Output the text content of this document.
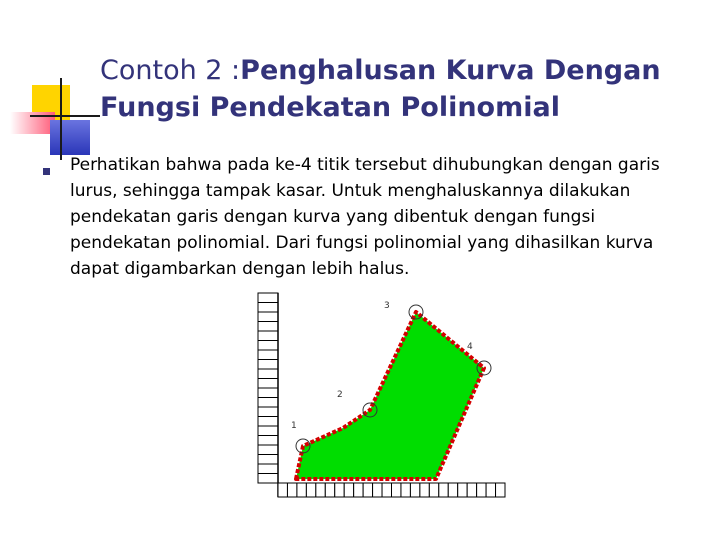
Contoh 2 :Penghalusan Kurva Dengan Fungsi Pendekatan Polinomial

Perhatikan bahwa pada ke-4 titik tersebut dihubungkan dengan garis lurus, sehingga tampak kasar. Untuk menghaluskannya dilakukan pendekatan garis dengan kurva yang dibentuk dengan fungsi pendekatan polinomial. Dari fungsi polinomial yang dihasilkan kurva dapat digambarkan dengan lebih halus.

1
2
3
4
